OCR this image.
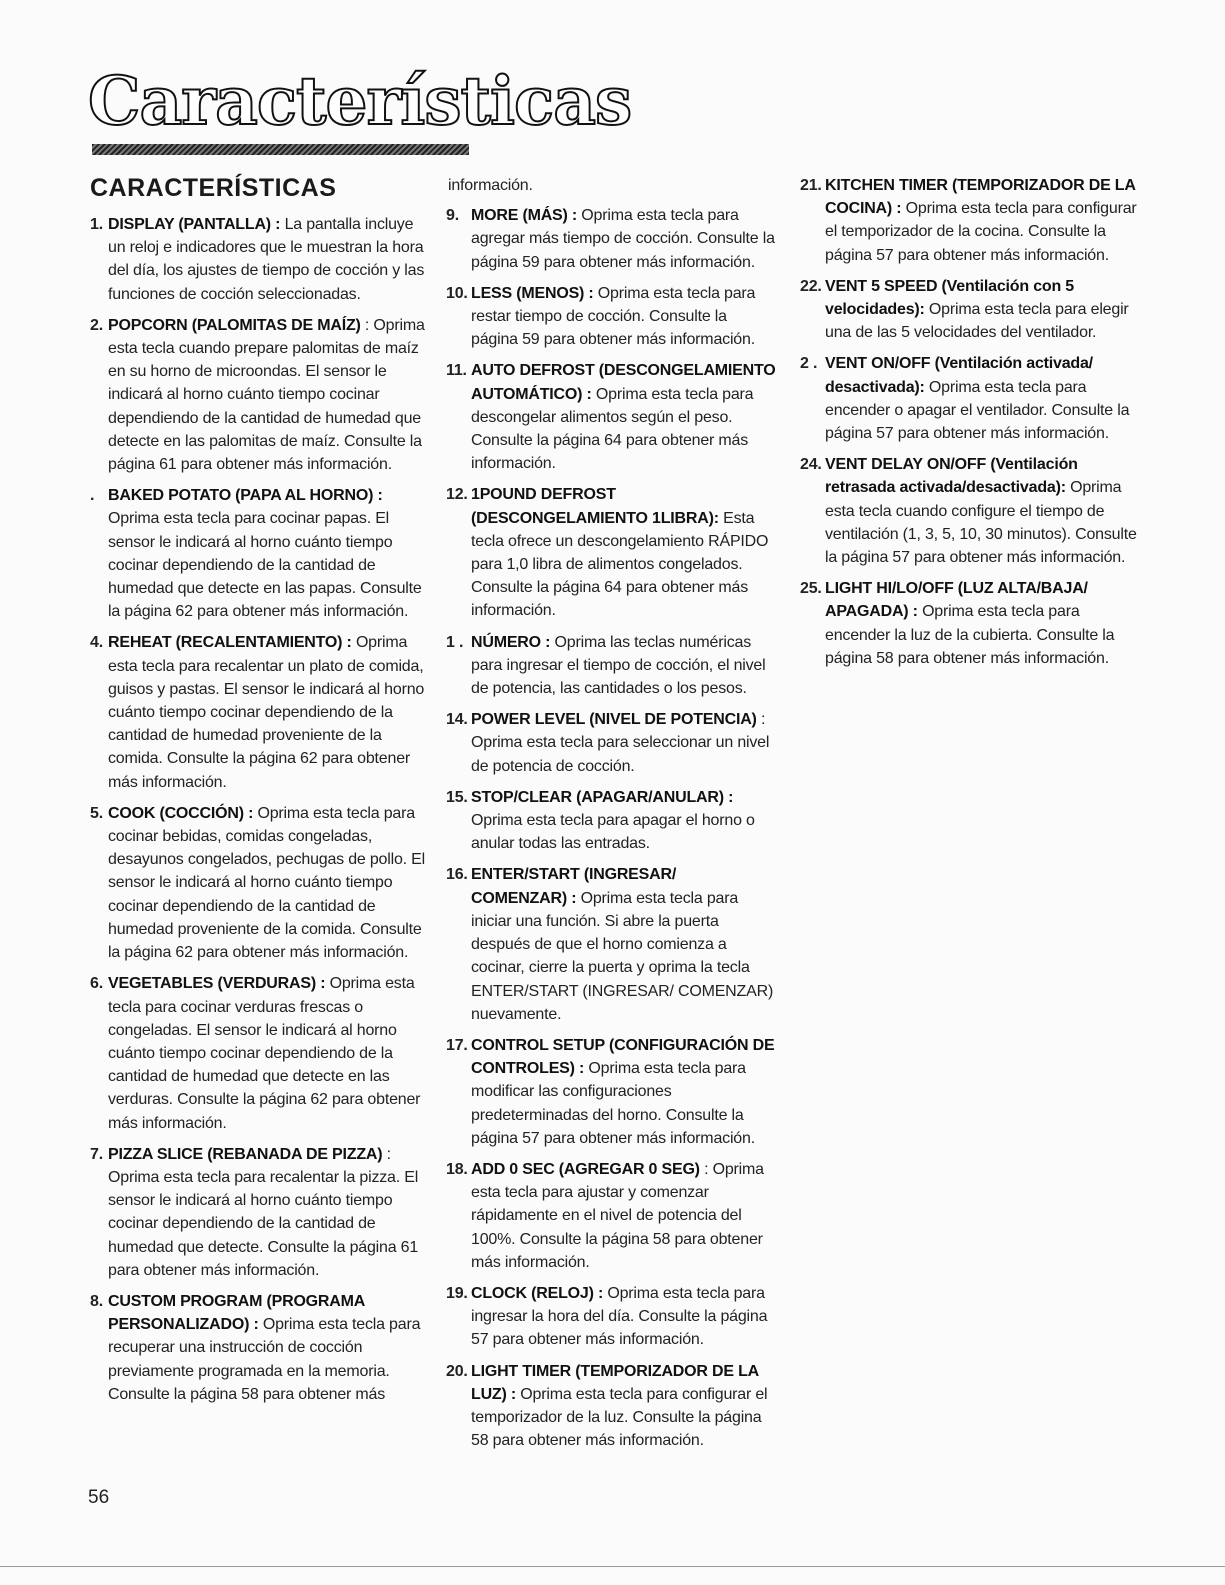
Características
CARACTERÍSTICAS

1. DISPLAY (PANTALLA) : La pantalla incluye un reloj e indicadores que le muestran la hora del día, los ajustes de tiempo de cocción y las funciones de cocción seleccionadas.

2. POPCORN (PALOMITAS DE MAÍZ) : Oprima esta tecla cuando prepare palomitas de maíz en su horno de microondas. El sensor le indicará al horno cuánto tiempo cocinar dependiendo de la cantidad de humedad que detecte en las palomitas de maíz. Consulte la página 61 para obtener más información.

. BAKED POTATO (PAPA AL HORNO) : Oprima esta tecla para cocinar papas. El sensor le indicará al horno cuánto tiempo cocinar dependiendo de la cantidad de humedad que detecte en las papas. Consulte la página 62 para obtener más información.

4. REHEAT (RECALENTAMIENTO) : Oprima esta tecla para recalentar un plato de comida, guisos y pastas. El sensor le indicará al horno cuánto tiempo cocinar dependiendo de la cantidad de humedad proveniente de la comida. Consulte la página 62 para obtener más información.

5. COOK (COCCIÓN) : Oprima esta tecla para cocinar bebidas, comidas congeladas, desayunos congelados, pechugas de pollo. El sensor le indicará al horno cuánto tiempo cocinar dependiendo de la cantidad de humedad proveniente de la comida. Consulte la página 62 para obtener más información.

6. VEGETABLES (VERDURAS) : Oprima esta tecla para cocinar verduras frescas o congeladas. El sensor le indicará al horno cuánto tiempo cocinar dependiendo de la cantidad de humedad que detecte en las verduras. Consulte la página 62 para obtener más información.

7. PIZZA SLICE (REBANADA DE PIZZA) : Oprima esta tecla para recalentar la pizza. El sensor le indicará al horno cuánto tiempo cocinar dependiendo de la cantidad de humedad que detecte. Consulte la página 61 para obtener más información.

8. CUSTOM PROGRAM (PROGRAMA PERSONALIZADO) : Oprima esta tecla para recuperar una instrucción de cocción previamente programada en la memoria. Consulte la página 58 para obtener más

información.

9. MORE (MÁS) : Oprima esta tecla para agregar más tiempo de cocción. Consulte la página 59 para obtener más información.

10. LESS (MENOS) : Oprima esta tecla para restar tiempo de cocción. Consulte la página 59 para obtener más información.

11. AUTO DEFROST (DESCONGELAMIENTO AUTOMÁTICO) : Oprima esta tecla para descongelar alimentos según el peso. Consulte la página 64 para obtener más información.

12. 1POUND DEFROST (DESCONGELAMIENTO 1LIBRA): Esta tecla ofrece un descongelamiento RÁPIDO para 1,0 libra de alimentos congelados. Consulte la página 64 para obtener más información.

1 . NÚMERO : Oprima las teclas numéricas para ingresar el tiempo de cocción, el nivel de potencia, las cantidades o los pesos.

14. POWER LEVEL (NIVEL DE POTENCIA) : Oprima esta tecla para seleccionar un nivel de potencia de cocción.

15. STOP/CLEAR (APAGAR/ANULAR) : Oprima esta tecla para apagar el horno o anular todas las entradas.

16. ENTER/START (INGRESAR/ COMENZAR) : Oprima esta tecla para iniciar una función. Si abre la puerta después de que el horno comienza a cocinar, cierre la puerta y oprima la tecla ENTER/START (INGRESAR/ COMENZAR) nuevamente.

17. CONTROL SETUP (CONFIGURACIÓN DE CONTROLES) : Oprima esta tecla para modificar las configuraciones predeterminadas del horno. Consulte la página 57 para obtener más información.

18. ADD 0 SEC (AGREGAR 0 SEG) : Oprima esta tecla para ajustar y comenzar rápidamente en el nivel de potencia del 100%. Consulte la página 58 para obtener más información.

19. CLOCK (RELOJ) : Oprima esta tecla para ingresar la hora del día. Consulte la página 57 para obtener más información.

20. LIGHT TIMER (TEMPORIZADOR DE LA LUZ) : Oprima esta tecla para configurar el temporizador de la luz. Consulte la página 58 para obtener más información.

21. KITCHEN TIMER (TEMPORIZADOR DE LA COCINA) : Oprima esta tecla para configurar el temporizador de la cocina. Consulte la página 57 para obtener más información.

22. VENT 5 SPEED (Ventilación con 5 velocidades): Oprima esta tecla para elegir una de las 5 velocidades del ventilador.

2 . VENT ON/OFF (Ventilación activada/ desactivada): Oprima esta tecla para encender o apagar el ventilador. Consulte la página 57 para obtener más información.

24. VENT DELAY ON/OFF (Ventilación retrasada activada/desactivada): Oprima esta tecla cuando configure el tiempo de ventilación (1, 3, 5, 10, 30 minutos). Consulte la página 57 para obtener más información.

25. LIGHT HI/LO/OFF (LUZ ALTA/BAJA/ APAGADA) : Oprima esta tecla para encender la luz de la cubierta. Consulte la página 58 para obtener más información.

56
